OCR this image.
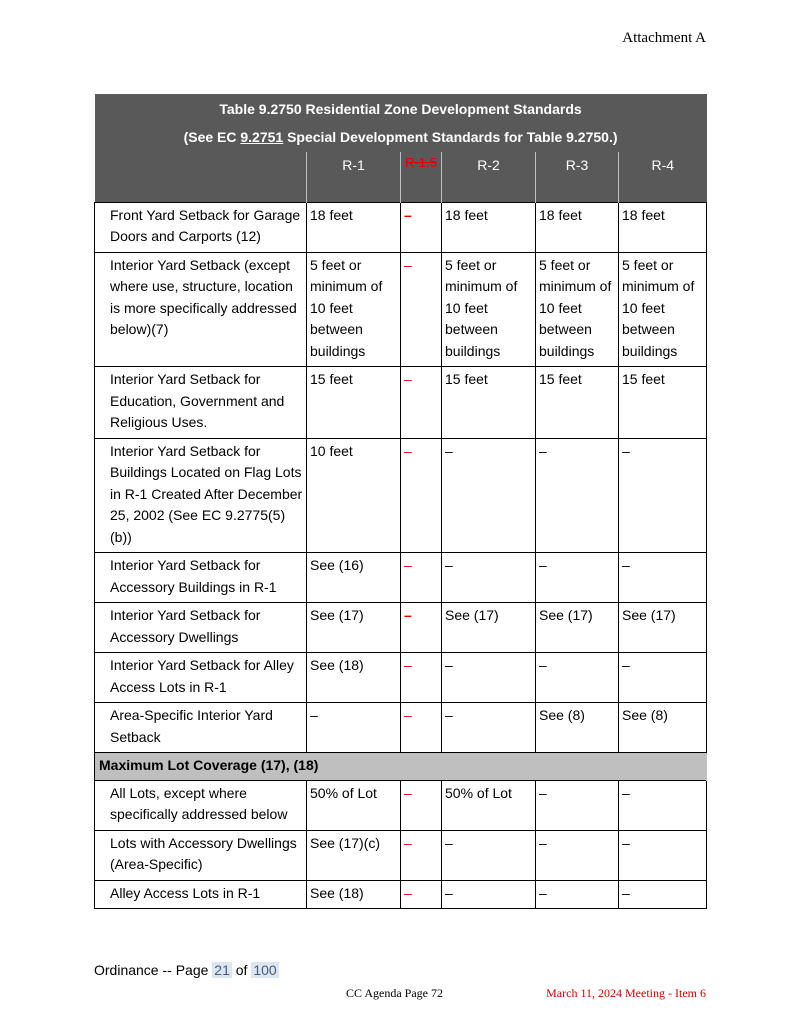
Attachment A
Table 9.2750 Residential Zone Development Standards
(See EC 9.2751 Special Development Standards for Table 9.2750.)					

	R-1	R-1.5	R-2	R-3	R-4
Front Yard Setback for Garage Doors and Carports (12)	18 feet	–	18 feet	18 feet	18 feet
Interior Yard Setback (except where use, structure, location is more specifically addressed below)(7)	5 feet or minimum of 10 feet between buildings	–	5 feet or minimum of 10 feet between buildings	5 feet or minimum of 10 feet between buildings	5 feet or minimum of 10 feet between buildings
Interior Yard Setback for Education, Government and Religious Uses.	15 feet	–	15 feet	15 feet	15 feet
Interior Yard Setback for Buildings Located on Flag Lots in R-1 Created After December 25, 2002 (See EC 9.2775(5)(b))	10 feet	–	–	–	–
Interior Yard Setback for Accessory Buildings in R-1	See (16)	–	–	–	–
Interior Yard Setback for Accessory Dwellings	See (17)	–	See (17)	See (17)	See (17)
Interior Yard Setback for Alley Access Lots in R-1	See (18)	–	–	–	–
Area-Specific Interior Yard Setback	–	–	–	See (8)	See (8)
Maximum Lot Coverage (17), (18)					
All Lots, except where specifically addressed below	50% of Lot	–	50% of Lot	–	–
Lots with Accessory Dwellings (Area-Specific)	See (17)(c)	–	–	–	–
Alley Access Lots in R-1	See (18)	–	–	–	–
Ordinance -- Page 21 of 100
CC Agenda Page 72	March 11, 2024 Meeting - Item 6
